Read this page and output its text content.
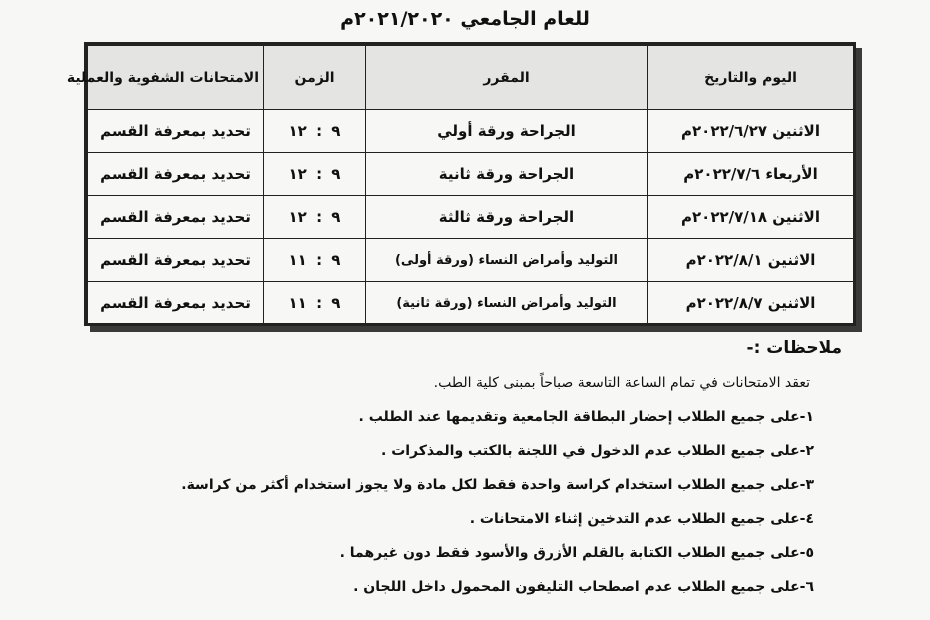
للعام الجامعي ٢٠٢١/٢٠٢٠م
اليوم والتاريخ	المقرر	الزمن	الامتحانات الشفوية والعملية
الاثنين ٢٠٢٢/٦/٢٧م	الجراحة ورقة أولي	٩ : ١٢	تحديد بمعرفة القسم
الأربعاء ٢٠٢٢/٧/٦م	الجراحة ورقة ثانية	٩ : ١٢	تحديد بمعرفة القسم
الاثنين ٢٠٢٢/٧/١٨م	الجراحة ورقة ثالثة	٩ : ١٢	تحديد بمعرفة القسم
الاثنين ٢٠٢٢/٨/١م	التوليد وأمراض النساء (ورقة أولى)	٩ : ١١	تحديد بمعرفة القسم
الاثنين ٢٠٢٢/٨/٧م	التوليد وأمراض النساء (ورقة ثانية)	٩ : ١١	تحديد بمعرفة القسم
ملاحظات :-
تعقد الامتحانات في تمام الساعة التاسعة صباحاً بمبنى كلية الطب.
١-على جميع الطلاب إحضار البطاقة الجامعية وتقديمها عند الطلب .
٢-على جميع الطلاب عدم الدخول في اللجنة بالكتب والمذكرات .
٣-على جميع الطلاب استخدام كراسة واحدة فقط لكل مادة ولا يجوز استخدام أكثر من كراسة.
٤-على جميع الطلاب عدم التدخين إثناء الامتحانات .
٥-على جميع الطلاب الكتابة بالقلم الأزرق والأسود فقط دون غيرهما .
٦-على جميع الطلاب عدم اصطحاب التليفون المحمول داخل اللجان .
